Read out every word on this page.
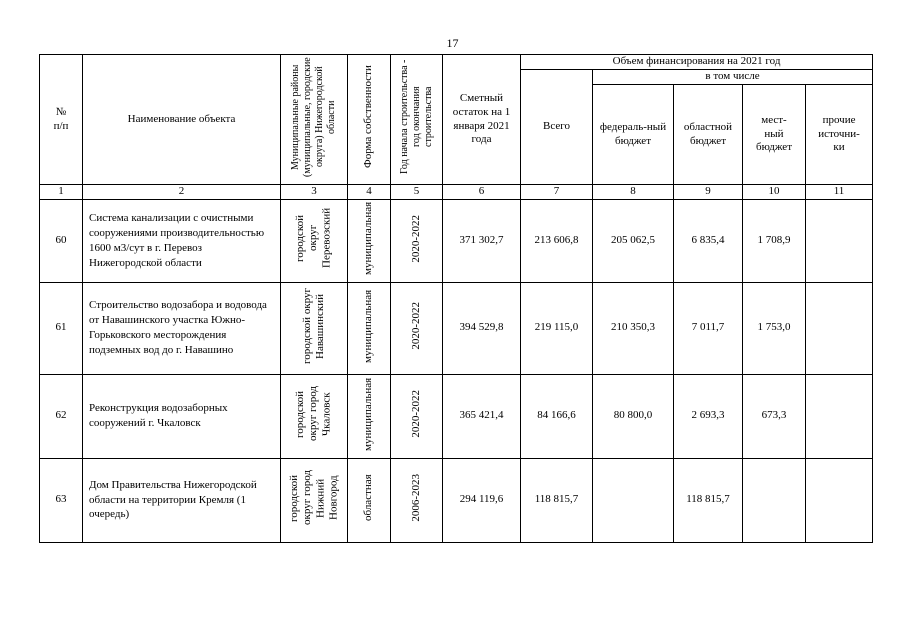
17
№
п/п	Наименование объекта	Муниципальные районы (муниципальные, городские округа) Нижегородской области	Форма собственности	Год начала строительства - год окончания строительства	Сметный остаток на 1 января 2021 года	Объем финансирования на 2021 год				
						Всего	в том числе			
							федераль-ный бюджет	областной бюджет	мест-ный бюджет	прочие источни-ки
1	2	3	4	5	6	7	8	9	10	11
60	Система канализации с очистными сооружениями производительностью 1600 м3/сут в г. Перевоз Нижегородской области	городской округ Перевозский	муниципальная	2020-2022	371 302,7	213 606,8	205 062,5	6 835,4	1 708,9	
61	Строительство водозабора и водовода от Навашинского участка Южно-Горьковского месторождения подземных вод до г. Навашино	городской округ Навашинский	муниципальная	2020-2022	394 529,8	219 115,0	210 350,3	7 011,7	1 753,0	
62	Реконструкция водозаборных сооружений г. Чкаловск	городской округ город Чкаловск	муниципальная	2020-2022	365 421,4	84 166,6	80 800,0	2 693,3	673,3	
63	Дом Правительства Нижегородской области на территории Кремля (1 очередь)	городской округ город Нижний Новгород	областная	2006-2023	294 119,6	118 815,7		118 815,7		
